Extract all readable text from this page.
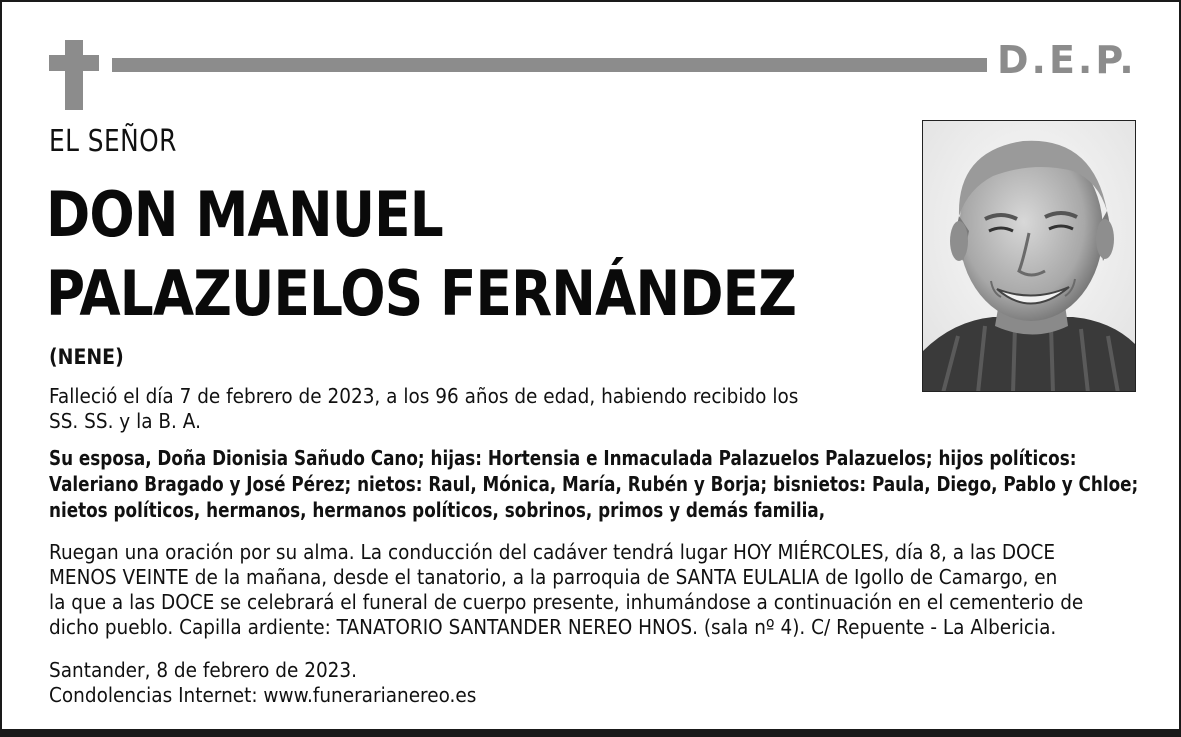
D.E.P.
EL SEÑOR
DON MANUEL
PALAZUELOS FERNÁNDEZ
(NENE)
Falleció el día 7 de febrero de 2023, a los 96 años de edad, habiendo recibido los
SS. SS. y la B. A.
Su esposa, Doña Dionisia Sañudo Cano; hijas: Hortensia e Inmaculada Palazuelos Palazuelos; hijos políticos:
Valeriano Bragado y José Pérez; nietos: Raul, Mónica, María, Rubén y Borja; bisnietos: Paula, Diego, Pablo y Chloe;
nietos políticos, hermanos, hermanos políticos, sobrinos, primos y demás familia,
Ruegan una oración por su alma. La conducción del cadáver tendrá lugar HOY MIÉRCOLES, día 8, a las DOCE
MENOS VEINTE de la mañana, desde el tanatorio, a la parroquia de SANTA EULALIA de Igollo de Camargo, en
la que a las DOCE se celebrará el funeral de cuerpo presente, inhumándose a continuación en el cementerio de
dicho pueblo. Capilla ardiente: TANATORIO SANTANDER NEREO HNOS. (sala nº 4). C/ Repuente - La Albericia.
Santander, 8 de febrero de 2023.
Condolencias Internet: www.funerarianereo.es
